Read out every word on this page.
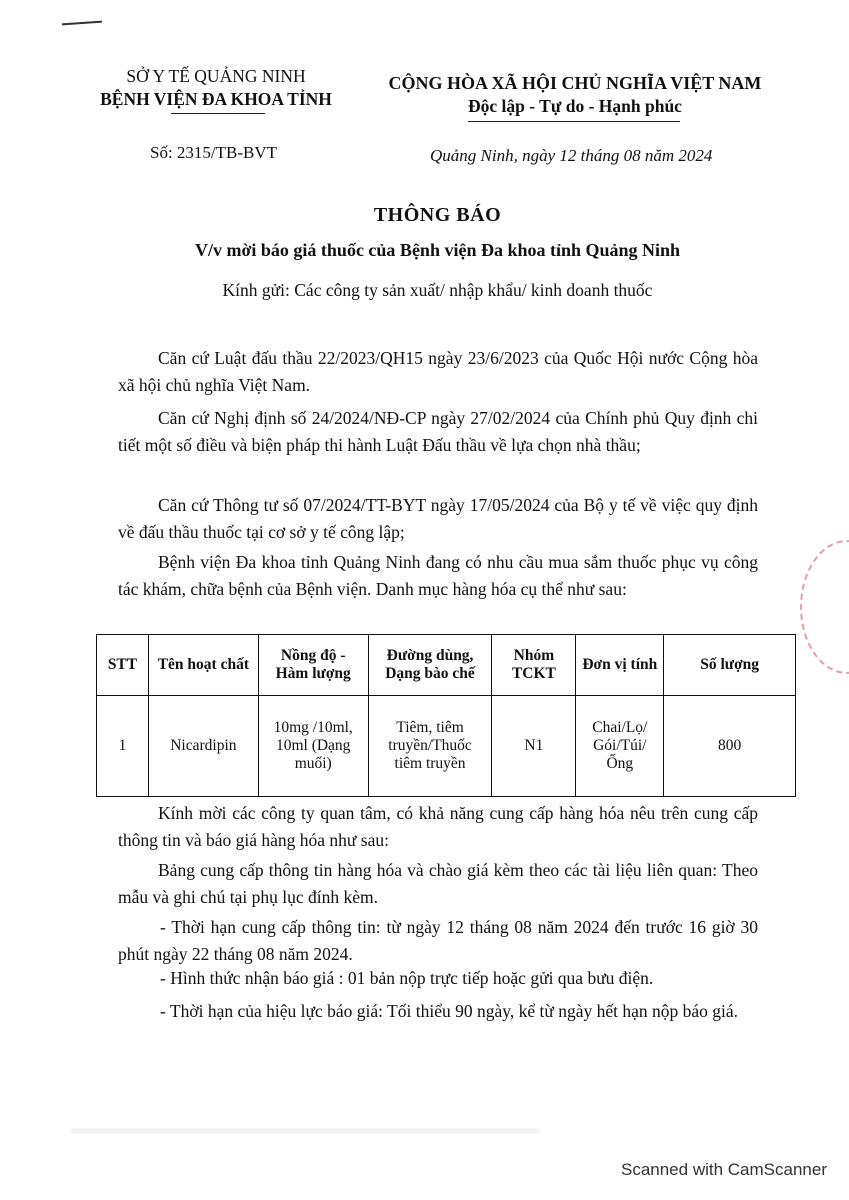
SỞ Y TẾ QUẢNG NINH
BỆNH VIỆN ĐA KHOA TỈNH
CỘNG HÒA XÃ HỘI CHỦ NGHĨA VIỆT NAM
Độc lập - Tự do - Hạnh phúc
Số: 2315/TB-BVT	Quảng Ninh, ngày 12 tháng 08 năm 2024
THÔNG BÁO
V/v mời báo giá thuốc của Bệnh viện Đa khoa tỉnh Quảng Ninh
Kính gửi: Các công ty sản xuất/ nhập khẩu/ kinh doanh thuốc

Căn cứ Luật đấu thầu 22/2023/QH15 ngày 23/6/2023 của Quốc Hội nước Cộng hòa xã hội chủ nghĩa Việt Nam.

Căn cứ Nghị định số 24/2024/NĐ-CP ngày 27/02/2024 của Chính phủ Quy định chi tiết một số điều và biện pháp thi hành Luật Đấu thầu về lựa chọn nhà thầu;

Căn cứ Thông tư số 07/2024/TT-BYT ngày 17/05/2024 của Bộ y tế về việc quy định về đấu thầu thuốc tại cơ sở y tế công lập;

Bệnh viện Đa khoa tỉnh Quảng Ninh đang có nhu cầu mua sắm thuốc phục vụ công tác khám, chữa bệnh của Bệnh viện. Danh mục hàng hóa cụ thể như sau:

STT	Tên hoạt chất	Nồng độ - Hàm lượng	Đường dùng, Dạng bào chế	Nhóm TCKT	Đơn vị tính	Số lượng
1	Nicardipin	10mg /10ml, 10ml (Dạng muối)	Tiêm, tiêm truyền/Thuốc tiêm truyền	N1	Chai/Lọ/ Gói/Túi/ Ống	800

Kính mời các công ty quan tâm, có khả năng cung cấp hàng hóa nêu trên cung cấp thông tin và báo giá hàng hóa như sau:

Bảng cung cấp thông tin hàng hóa và chào giá kèm theo các tài liệu liên quan: Theo mẫu và ghi chú tại phụ lục đính kèm.

- Thời hạn cung cấp thông tin: từ ngày 12 tháng 08 năm 2024 đến trước 16 giờ 30 phút ngày 22 tháng 08 năm 2024.

- Hình thức nhận báo giá : 01 bản nộp trực tiếp hoặc gửi qua bưu điện.

- Thời hạn của hiệu lực báo giá: Tối thiểu 90 ngày, kể từ ngày hết hạn nộp báo giá.

Scanned with CamScanner
